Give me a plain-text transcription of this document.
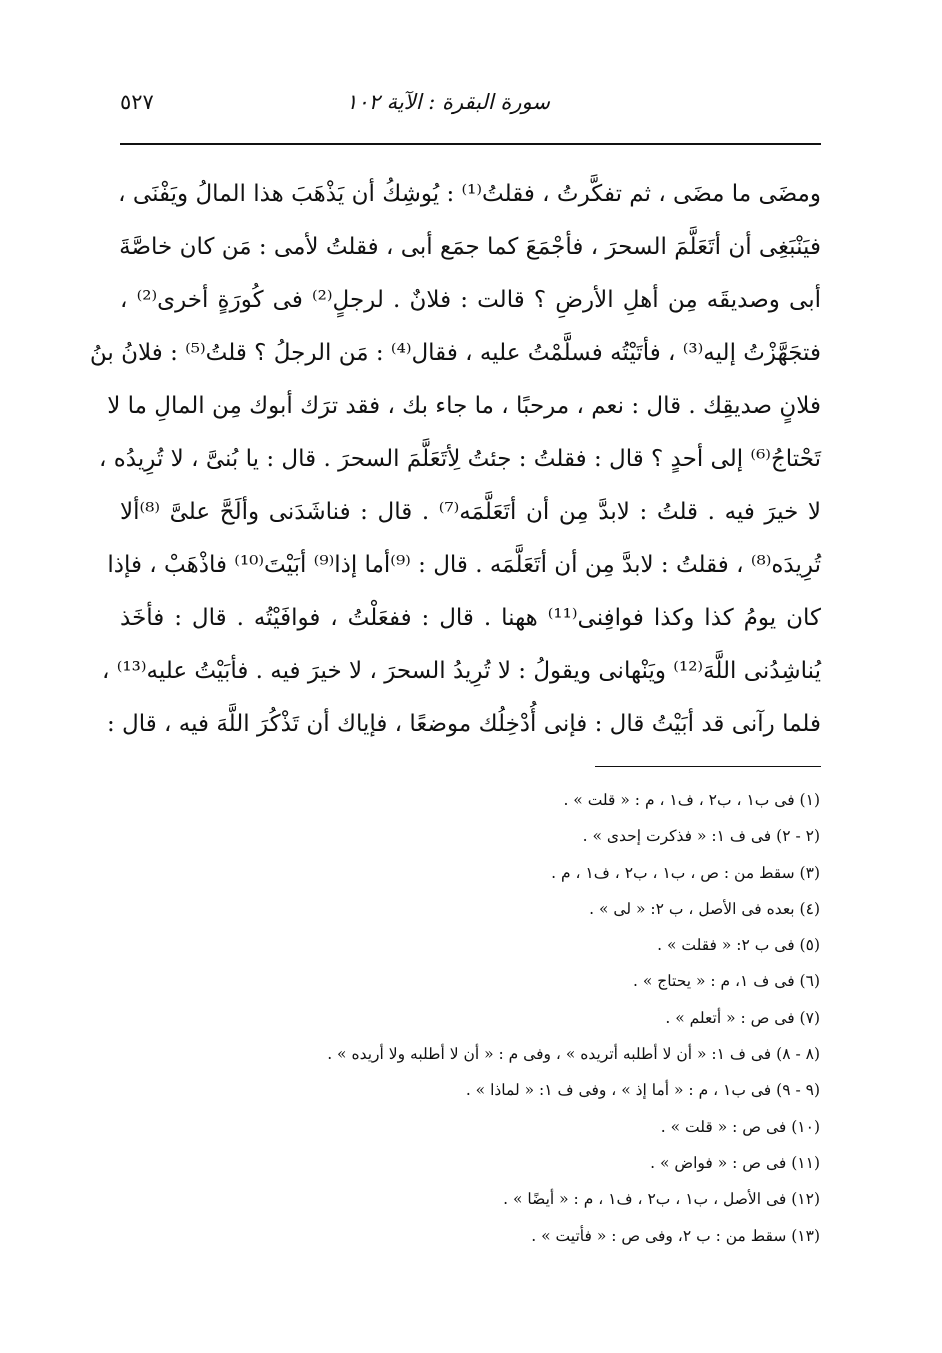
سورة البقرة : الآية ١٠٢
٥٢٧
ومضَى ما مضَى ، ثم تفكَّرتُ ، فقلتُ⁽¹⁾ : يُوشِكُ أن يَذْهَبَ هذا المالُ ويَفْنَى ،
فيَنْبَغِى أن أتَعَلَّمَ السحرَ ، فأجْمَعَ كما جمَع أبى ، فقلتُ لأمى : مَن كان خاصَّةَ
أبى وصديقَه مِن أهلِ الأرضِ ؟ قالت : فلانٌ . لرجلٍ⁽²⁾ فى كُورَةٍ أخرى⁽²⁾ ،
فتجَهَّزْتُ إليه⁽³⁾ ، فأتَيْتُه فسلَّمْتُ عليه ، فقال⁽⁴⁾ : مَن الرجلُ ؟ قلتُ⁽⁵⁾ : فلانُ بنُ
فلانٍ صديقِك . قال : نعم ، مرحبًا ، ما جاء بك ، فقد ترَك أبوك مِن المالِ ما لا
تَحْتاجُ⁽⁶⁾ إلى أحدٍ ؟ قال : فقلتُ : جئتُ لِأتَعَلَّمَ السحرَ . قال : يا بُنىَّ ، لا تُرِيدُه ،
لا خيرَ فيه . قلتُ : لابدَّ مِن أن أتَعَلَّمَه⁽⁷⁾ . قال : فناشَدَنى وألَحَّ علىَّ ⁽⁸⁾ألا
تُرِيدَه⁽⁸⁾ ، فقلتُ : لابدَّ مِن أن أتَعَلَّمَه . قال : ⁽⁹⁾أما إذا⁽⁹⁾ أبَيْتَ⁽¹⁰⁾ فاذْهَبْ ، فإذا
كان يومُ كذا وكذا فوافِنى⁽¹¹⁾ ههنا . قال : ففعَلْتُ ، فوافَيْتُه . قال : فأخَذ
يُناشِدُنى اللَّهَ⁽¹²⁾ ويَنْهانى ويقولُ : لا تُرِيدُ السحرَ ، لا خيرَ فيه . فأبَيْتُ عليه⁽¹³⁾ ،
فلما رآنى قد أبَيْتُ قال : فإنى أُدْخِلُك موضعًا ، فإياك أن تَذْكُرَ اللَّهَ فيه ، قال :
(١) فى ب١ ، ب٢ ، ف١ ، م : « قلت » .
(٢ - ٢) فى ف ١: « فذكرت إحدى » .
(٣) سقط من : ص ، ب١ ، ب٢ ، ف١ ، م .
(٤) بعده فى الأصل ، ب ٢: « لى » .
(٥) فى ب ٢: « فقلت » .
(٦) فى ف ١، م : « يحتاج » .
(٧) فى ص : « أتعلم » .
(٨ - ٨) فى ف ١: « أن لا أطلبه أتريده » ، وفى م : « أن لا أطلبه ولا أريده » .
(٩ - ٩) فى ب١ ، م : « أما إذ » ، وفى ف ١: « لماذا » .
(١٠) فى ص : « قلت » .
(١١) فى ص : « فواض » .
(١٢) فى الأصل ، ب١ ، ب٢ ، ف١ ، م : « أيضًا » .
(١٣) سقط من : ب ٢، وفى ص : « فأتيت » .
